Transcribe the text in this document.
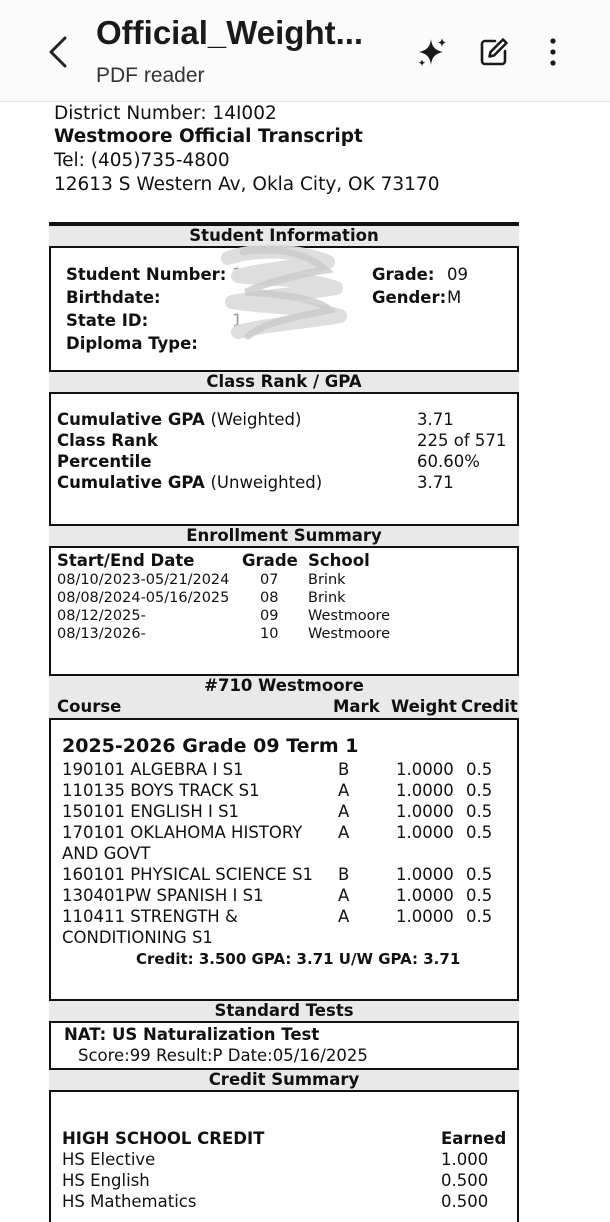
Official_Weight...
PDF reader
District Number: 14I002
Westmoore Official Transcript
Tel: (405)735-4800
12613 S Western Av, Okla City, OK 73170
Student Information
Student Number: 1
Birthdate:
State ID:	1
Diploma Type:
Grade: 09
Gender: M
Class Rank / GPA
Cumulative GPA (Weighted)	3.71
Class Rank	225 of 571
Percentile	60.60%
Cumulative GPA (Unweighted)	3.71
Enrollment Summary
Start/End Date	Grade School
08/10/2023-05/21/2024 07 Brink
08/08/2024-05/16/2025 08 Brink
08/12/2025-	09 Westmoore
08/13/2026-	10 Westmoore
#710 Westmoore
Course	Mark Weight Credit
2025-2026 Grade 09 Term 1
190101 ALGEBRA I S1	B	1.0000 0.5
110135 BOYS TRACK S1	A	1.0000 0.5
150101 ENGLISH I S1	A	1.0000 0.5
170101 OKLAHOMA HISTORY
AND GOVT
A	1.0000 0.5
160101 PHYSICAL SCIENCE S1 B	1.0000 0.5
130401PW SPANISH I S1	A	1.0000 0.5
110411 STRENGTH &
CONDITIONING S1
A	1.0000 0.5
Credit: 3.500 GPA: 3.71 U/W GPA: 3.71
Standard Tests
NAT: US Naturalization Test
Score:99 Result:P Date:05/16/2025
Credit Summary
HIGH SCHOOL CREDIT	Earned
HS Elective	1.000
HS English	0.500
HS Mathematics	0.500
